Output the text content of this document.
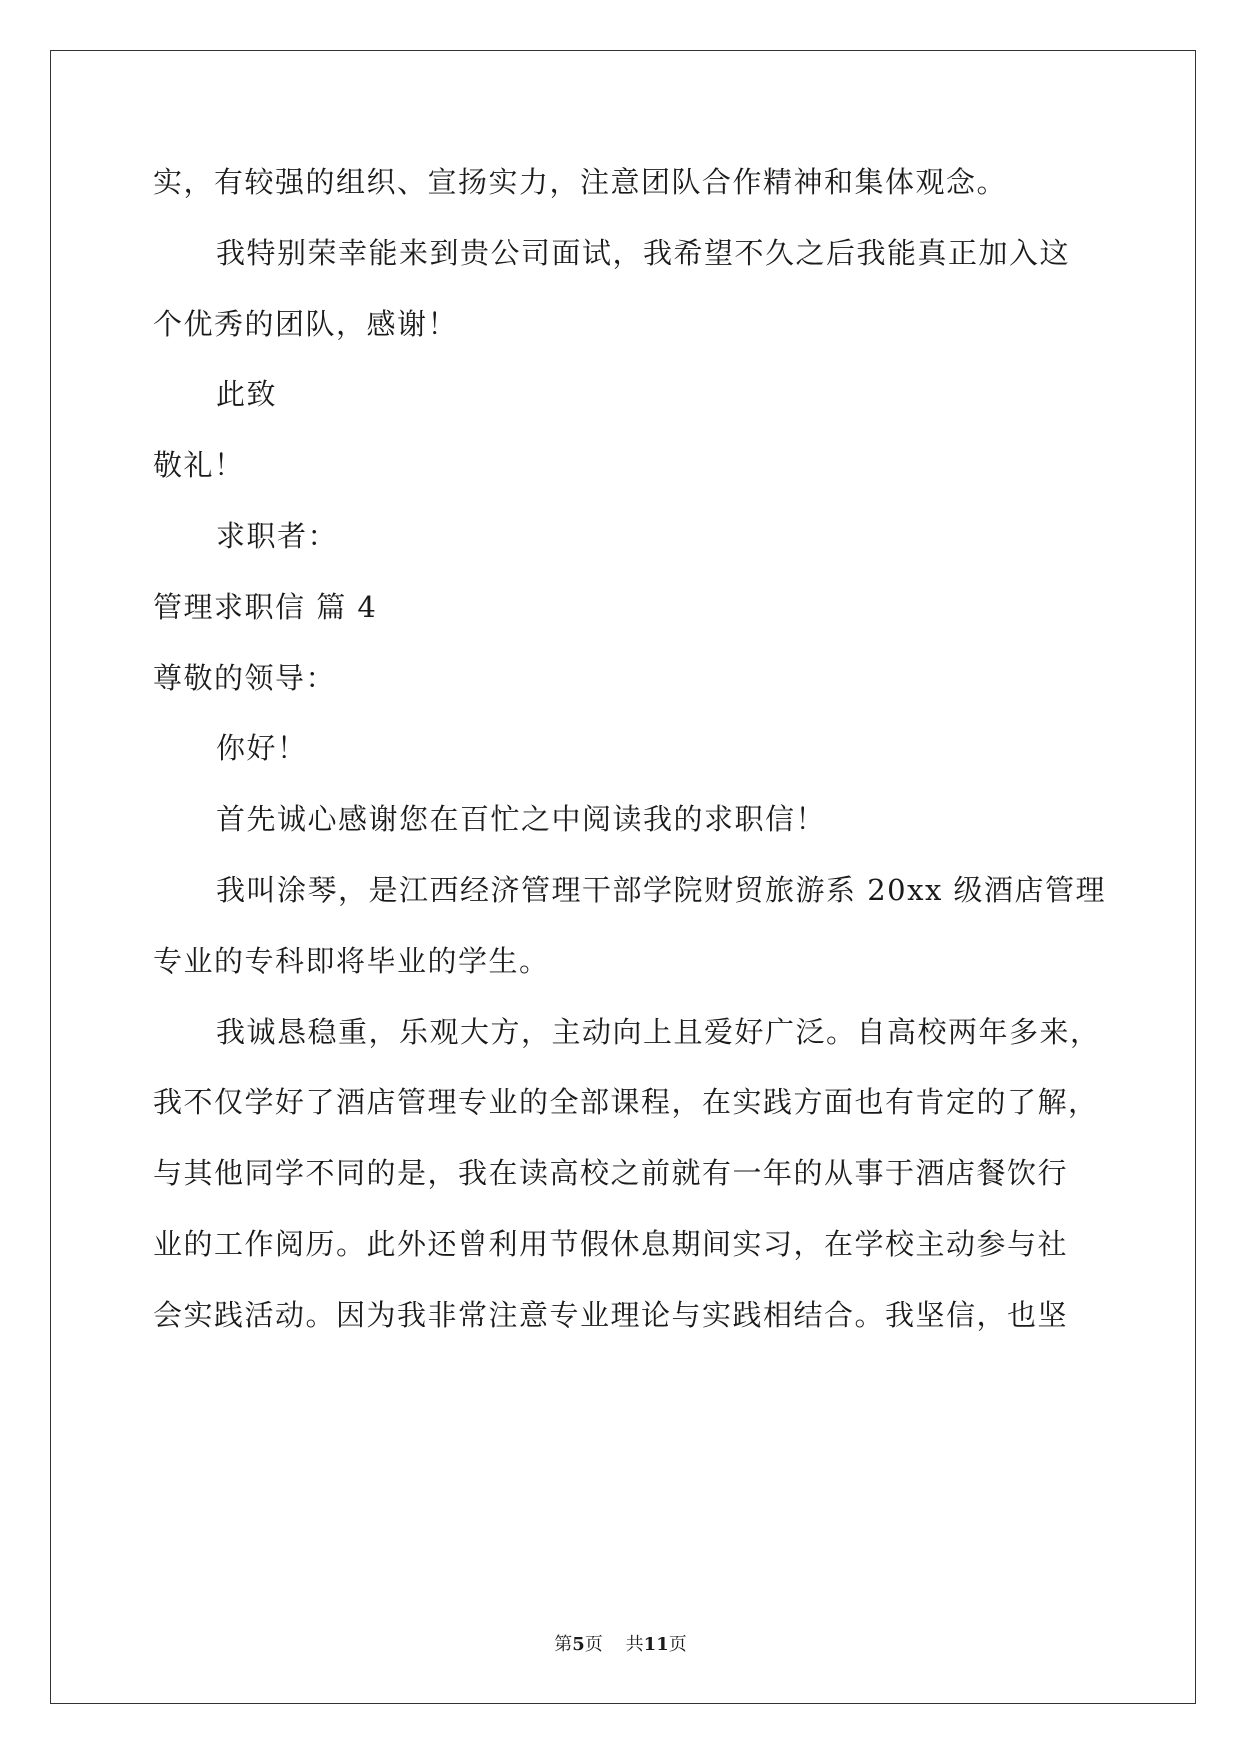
实，有较强的组织、宣扬实力，注意团队合作精神和集体观念。
我特别荣幸能来到贵公司面试，我希望不久之后我能真正加入这
个优秀的团队，感谢！
此致
敬礼！
求职者：
管理求职信 篇 4
尊敬的领导：
你好！
首先诚心感谢您在百忙之中阅读我的求职信！
我叫涂琴，是江西经济管理干部学院财贸旅游系 20xx 级酒店管理
专业的专科即将毕业的学生。
我诚恳稳重，乐观大方，主动向上且爱好广泛。自高校两年多来，
我不仅学好了酒店管理专业的全部课程，在实践方面也有肯定的了解，
与其他同学不同的是，我在读高校之前就有一年的从事于酒店餐饮行
业的工作阅历。此外还曾利用节假休息期间实习，在学校主动参与社
会实践活动。因为我非常注意专业理论与实践相结合。我坚信，也坚
第5页    共11页
